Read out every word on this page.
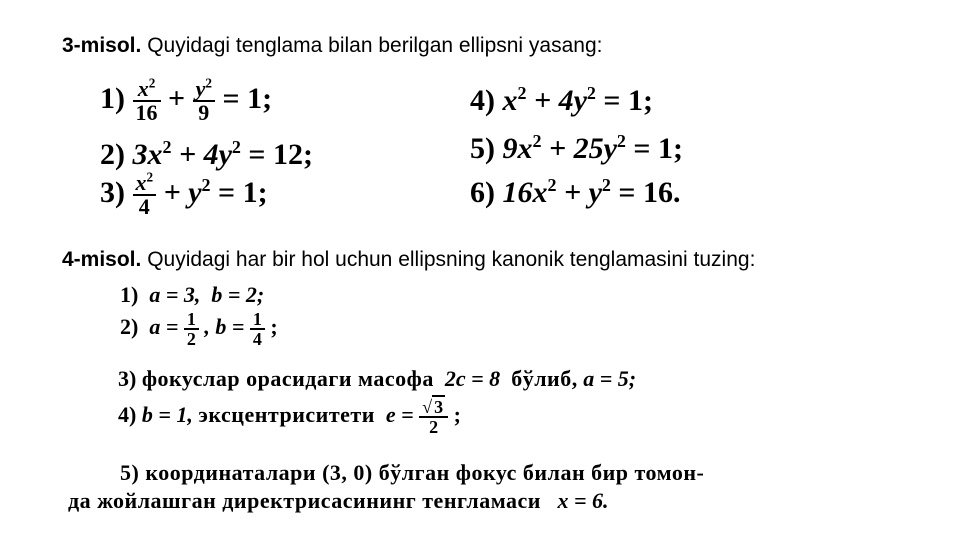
3-misol. Quyidagi tenglama bilan berilgan ellipsni yasang:
$1) \frac{x^2}{16} + \frac{y^2}{9} = 1$;
2) $3x^2 + 4y^2 = 12$;
$3) \frac{x^2}{4} + y^2 = 1$;
4) $x^2 + 4y^2 = 1$;
5) $9x^2 + 25y^2 = 1$;
6) $16x^2 + y^2 = 16$.
4-misol. Quyidagi har bir hol uchun ellipsning kanonik tenglamasini tuzing:
1) a = 3, b = 2;
2) $a = \frac{1}{2}$ , $b = \frac{1}{4}$ ;
3) фокуслар орасидаги масофа 2c = 8 бўлиб, a = 5;
4) b = 1, эксцентриситети $e = \frac{√ 3}{2}$ ;
5) координаталари (3, 0) бўлган фокус билан бир томон-
да жойлашган директрисасининг тенгламаси x = 6.
